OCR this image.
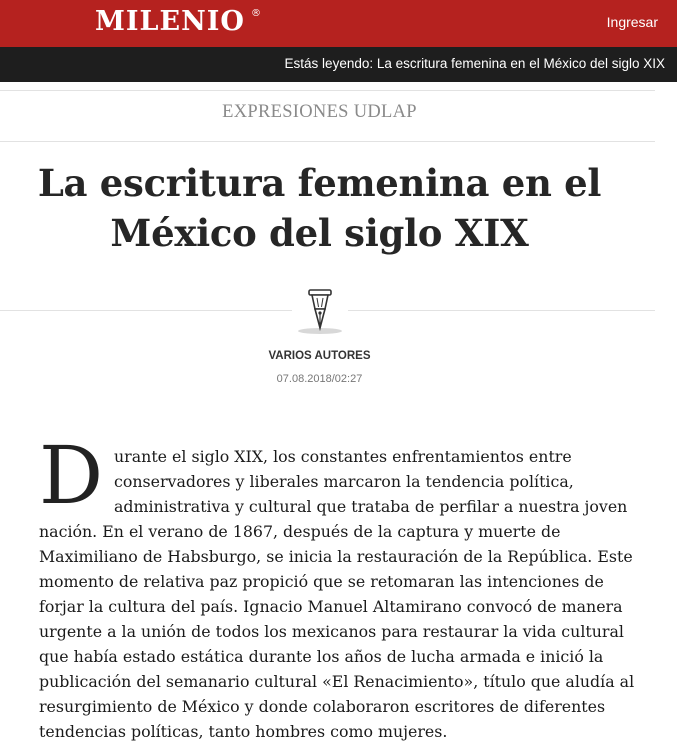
MILENIO ®
Ingresar
Estás leyendo: La escritura femenina en el México del siglo XIX
EXPRESIONES UDLAP
La escritura femenina en el
México del siglo XIX
VARIOS AUTORES
07.08.2018/02:27
D urante el siglo XIX, los constantes enfrentamientos entre
conservadores y liberales marcaron la tendencia política,
administrativa y cultural que trataba de perfilar a nuestra joven
nación. En el verano de 1867, después de la captura y muerte de
Maximiliano de Habsburgo, se inicia la restauración de la República. Este
momento de relativa paz propició que se retomaran las intenciones de
forjar la cultura del país. Ignacio Manuel Altamirano convocó de manera
urgente a la unión de todos los mexicanos para restaurar la vida cultural
que había estado estática durante los años de lucha armada e inició la
publicación del semanario cultural «El Renacimiento», título que aludía al
resurgimiento de México y donde colaboraron escritores de diferentes
tendencias políticas, tanto hombres como mujeres.
